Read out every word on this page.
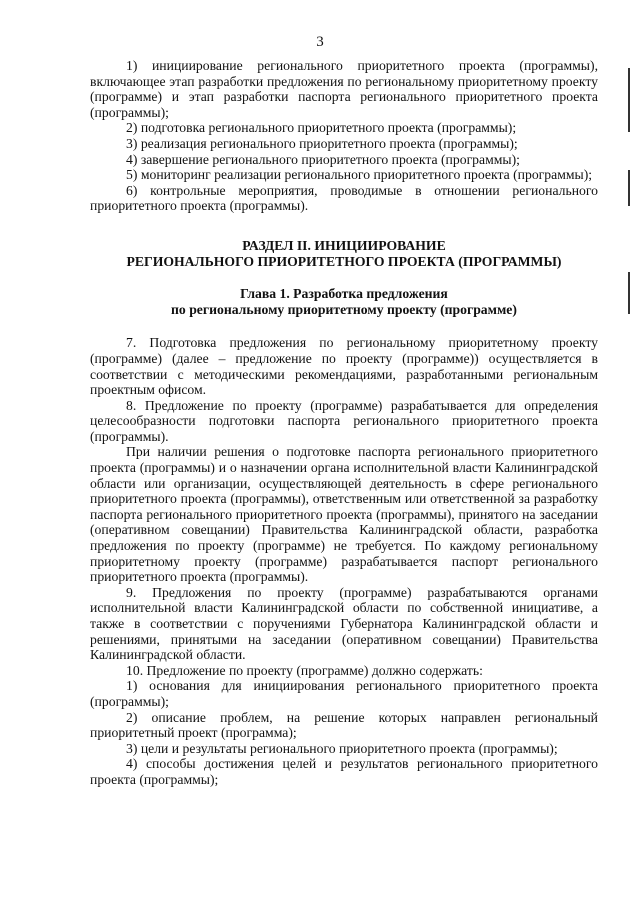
3

1) инициирование регионального приоритетного проекта (программы), включающее этап разработки предложения по региональному приоритетному проекту (программе) и этап разработки паспорта регионального приоритетного проекта (программы);

2) подготовка регионального приоритетного проекта (программы);

3) реализация регионального приоритетного проекта (программы);

4) завершение регионального приоритетного проекта (программы);

5) мониторинг реализации регионального приоритетного проекта (программы);

6) контрольные мероприятия, проводимые в отношении регионального приоритетного проекта (программы).

РАЗДЕЛ II. ИНИЦИИРОВАНИЕ

РЕГИОНАЛЬНОГО ПРИОРИТЕТНОГО ПРОЕКТА (ПРОГРАММЫ)

Глава 1. Разработка предложения

по региональному приоритетному проекту (программе)

7. Подготовка предложения по региональному приоритетному проекту (программе) (далее – предложение по проекту (программе)) осуществляется в соответствии с методическими рекомендациями, разработанными региональным проектным офисом.

8. Предложение по проекту (программе) разрабатывается для определения целесообразности подготовки паспорта регионального приоритетного проекта (программы).

При наличии решения о подготовке паспорта регионального приоритетного проекта (программы) и о назначении органа исполнительной власти Калининградской области или организации, осуществляющей деятельность в сфере регионального приоритетного проекта (программы), ответственным или ответственной за разработку паспорта регионального приоритетного проекта (программы), принятого на заседании (оперативном совещании) Правительства Калининградской области, разработка предложения по проекту (программе) не требуется. По каждому региональному приоритетному проекту (программе) разрабатывается паспорт регионального приоритетного проекта (программы).

9. Предложения по проекту (программе) разрабатываются органами исполнительной власти Калининградской области по собственной инициативе, а также в соответствии с поручениями Губернатора Калининградской области и решениями, принятыми на заседании (оперативном совещании) Правительства Калининградской области.

10. Предложение по проекту (программе) должно содержать:

1) основания для инициирования регионального приоритетного проекта (программы);

2) описание проблем, на решение которых направлен региональный приоритетный проект (программа);

3) цели и результаты регионального приоритетного проекта (программы);

4) способы достижения целей и результатов регионального приоритетного проекта (программы);
